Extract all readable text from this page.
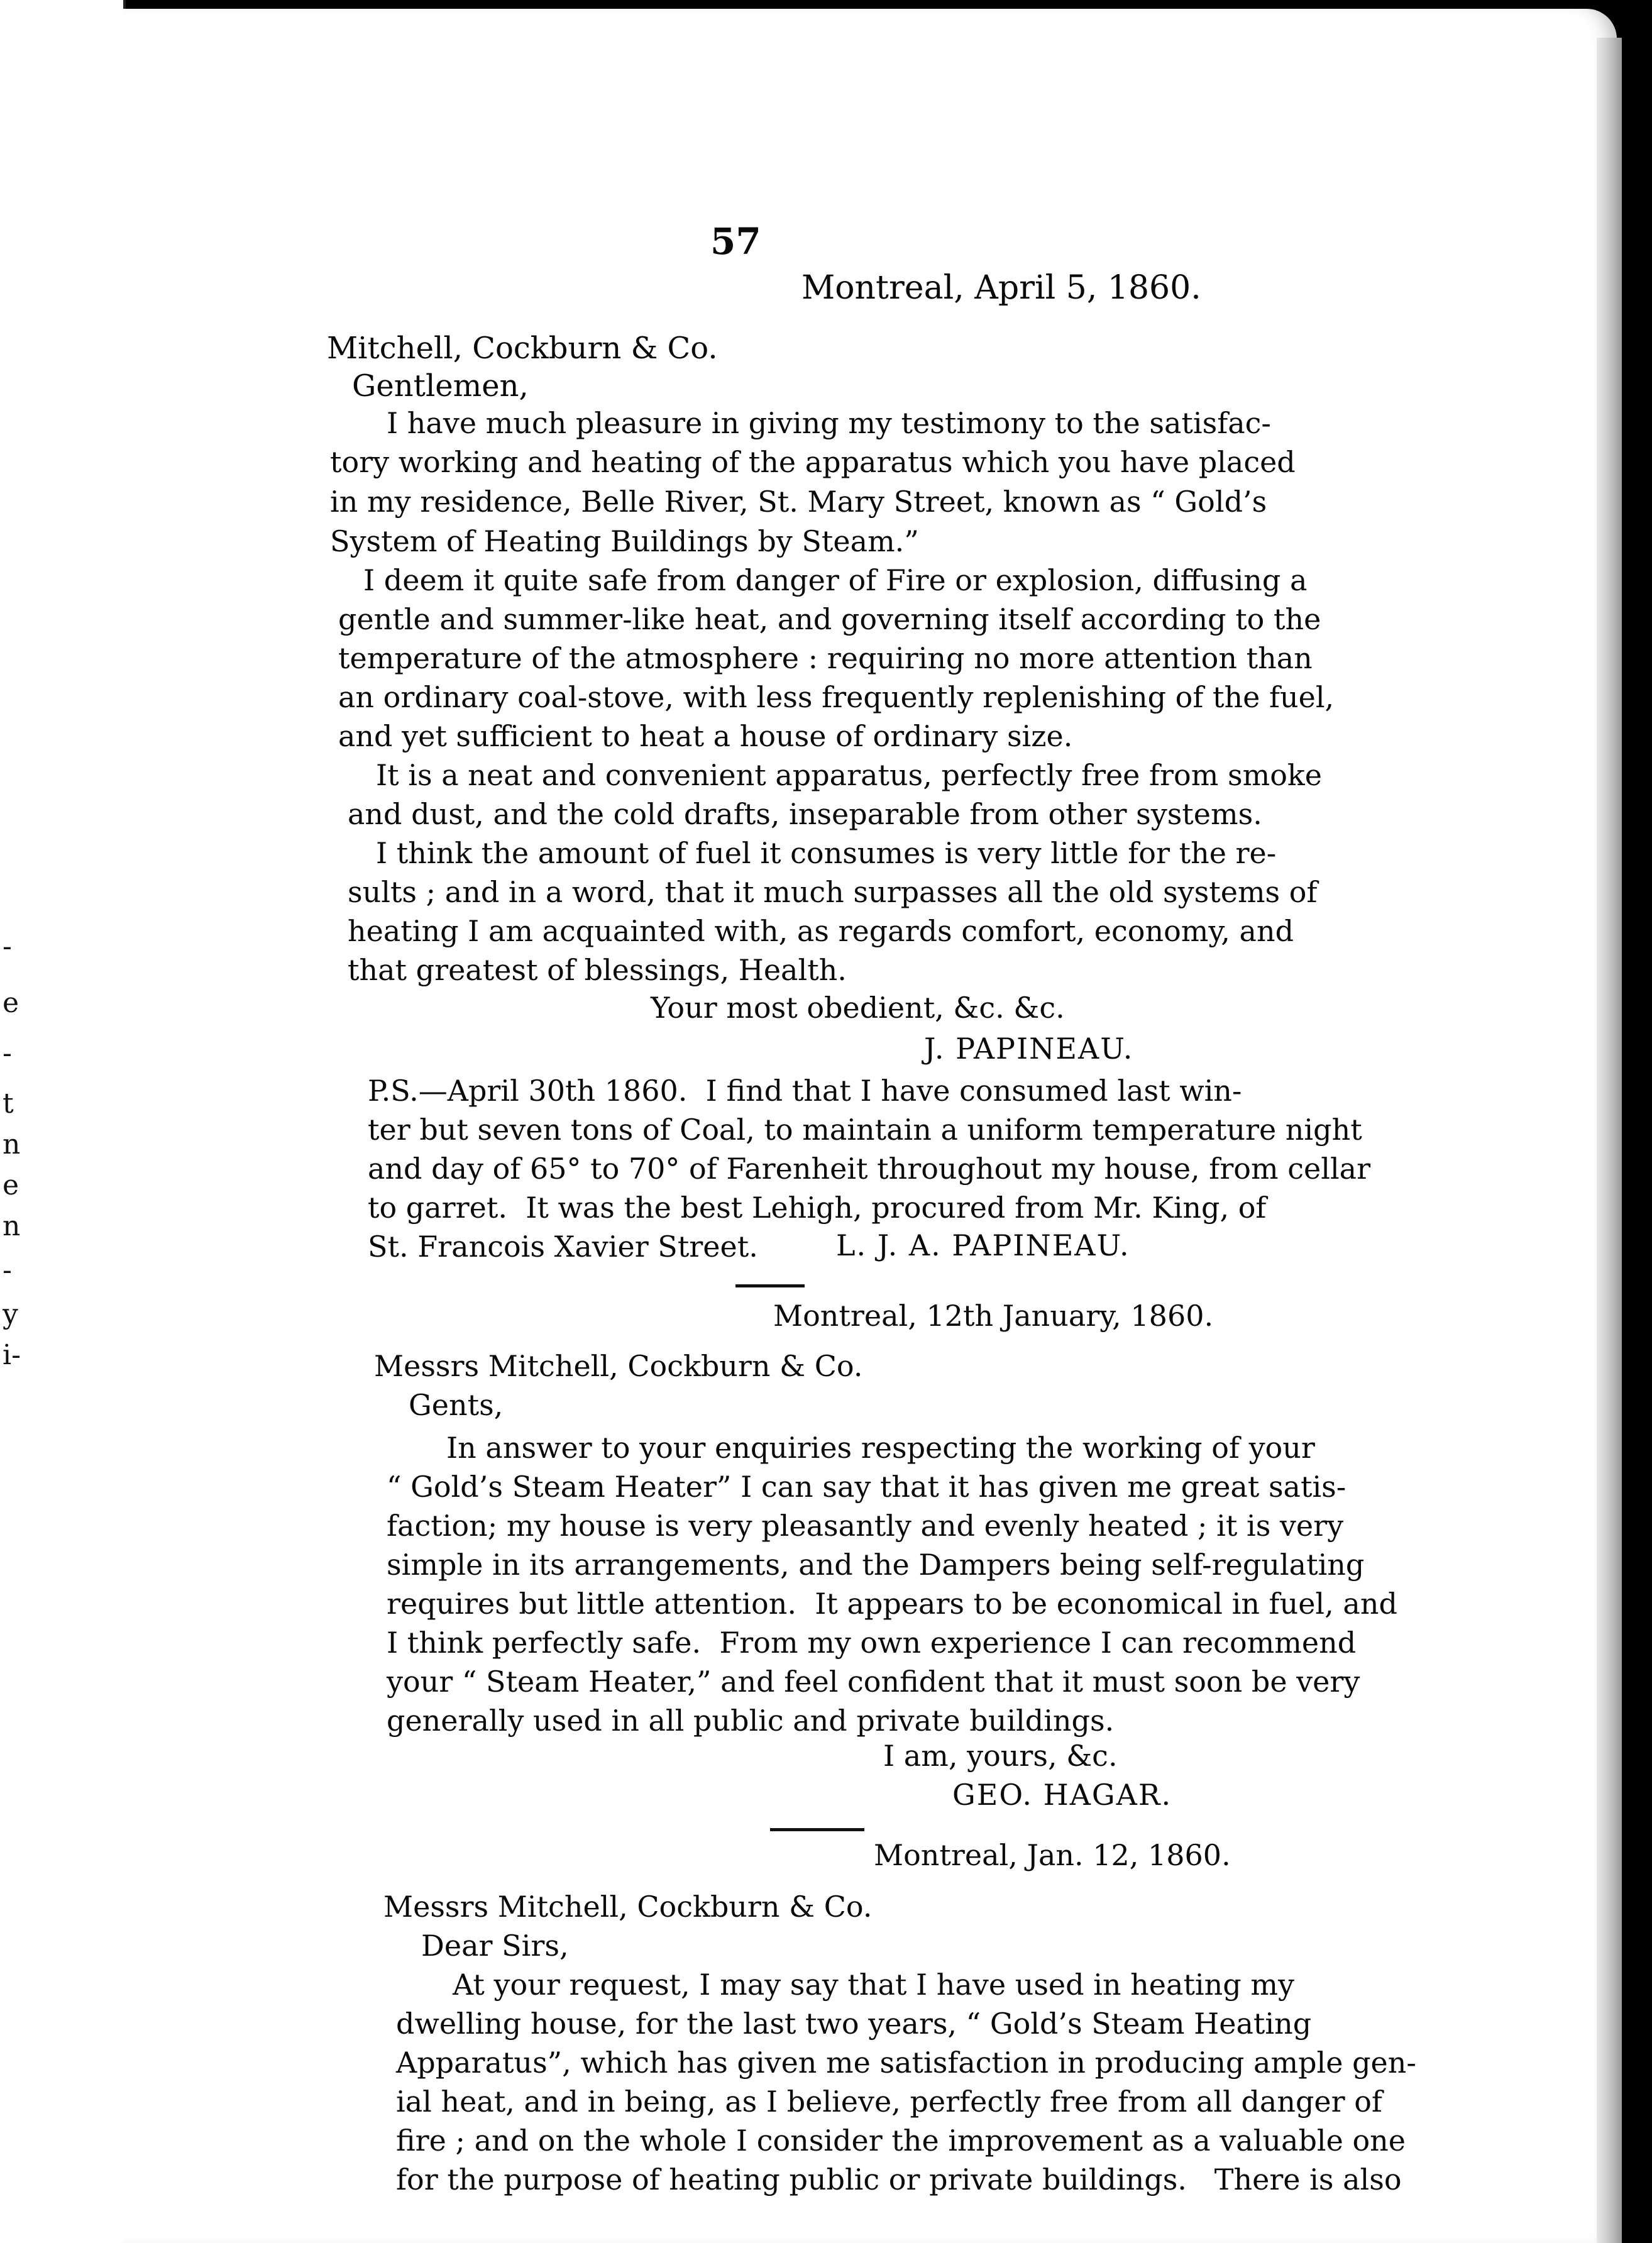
-
e
-
t
n
e
n
-
y
i-
57
Montreal, April 5, 1860.
Mitchell, Cockburn & Co.
Gentlemen,
I have much pleasure in giving my testimony to the satisfac-
tory working and heating of the apparatus which you have placed
in my residence, Belle River, St. Mary Street, known as “ Gold’s
System of Heating Buildings by Steam.”
I deem it quite safe from danger of Fire or explosion, diffusing a
gentle and summer-like heat, and governing itself according to the
temperature of the atmosphere : requiring no more attention than
an ordinary coal-stove, with less frequently replenishing of the fuel,
and yet sufficient to heat a house of ordinary size.
It is a neat and convenient apparatus, perfectly free from smoke
and dust, and the cold drafts, inseparable from other systems.
I think the amount of fuel it consumes is very little for the re-
sults ; and in a word, that it much surpasses all the old systems of
heating I am acquainted with, as regards comfort, economy, and
that greatest of blessings, Health.
Your most obedient, &c. &c.
J. PAPINEAU.
P.S.—April 30th 1860.  I find that I have consumed last win-
ter but seven tons of Coal, to maintain a uniform temperature night
and day of 65° to 70° of Farenheit throughout my house, from cellar
to garret.  It was the best Lehigh, procured from Mr. King, of
St. Francois Xavier Street.	L. J. A. PAPINEAU.
Montreal, 12th January, 1860.
Messrs Mitchell, Cockburn & Co.
Gents,
In answer to your enquiries respecting the working of your
“ Gold’s Steam Heater” I can say that it has given me great satis-
faction; my house is very pleasantly and evenly heated ; it is very
simple in its arrangements, and the Dampers being self-regulating
requires but little attention.  It appears to be economical in fuel, and
I think perfectly safe.  From my own experience I can recommend
your “ Steam Heater,” and feel confident that it must soon be very
generally used in all public and private buildings.
I am, yours, &c.
GEO. HAGAR.
Montreal, Jan. 12, 1860.
Messrs Mitchell, Cockburn & Co.
Dear Sirs,
At your request, I may say that I have used in heating my
dwelling house, for the last two years, “ Gold’s Steam Heating
Apparatus”, which has given me satisfaction in producing ample gen-
ial heat, and in being, as I believe, perfectly free from all danger of
fire ; and on the whole I consider the improvement as a valuable one
for the purpose of heating public or private buildings.   There is also
